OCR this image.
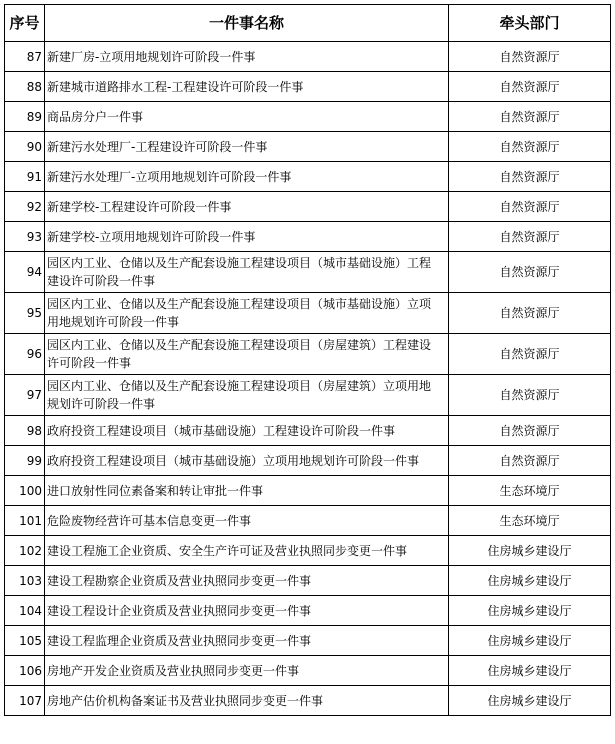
序号	一件事名称	牵头部门
87	新建厂房-立项用地规划许可阶段一件事	自然资源厅
88	新建城市道路排水工程-工程建设许可阶段一件事	自然资源厅
89	商品房分户一件事	自然资源厅
90	新建污水处理厂-工程建设许可阶段一件事	自然资源厅
91	新建污水处理厂-立项用地规划许可阶段一件事	自然资源厅
92	新建学校-工程建设许可阶段一件事	自然资源厅
93	新建学校-立项用地规划许可阶段一件事	自然资源厅
94	园区内工业、仓储以及生产配套设施工程建设项目（城市基础设施）工程建设许可阶段一件事	自然资源厅
95	园区内工业、仓储以及生产配套设施工程建设项目（城市基础设施）立项用地规划许可阶段一件事	自然资源厅
96	园区内工业、仓储以及生产配套设施工程建设项目（房屋建筑）工程建设许可阶段一件事	自然资源厅
97	园区内工业、仓储以及生产配套设施工程建设项目（房屋建筑）立项用地规划许可阶段一件事	自然资源厅
98	政府投资工程建设项目（城市基础设施）工程建设许可阶段一件事	自然资源厅
99	政府投资工程建设项目（城市基础设施）立项用地规划许可阶段一件事	自然资源厅
100	进口放射性同位素备案和转让审批一件事	生态环境厅
101	危险废物经营许可基本信息变更一件事	生态环境厅
102	建设工程施工企业资质、安全生产许可证及营业执照同步变更一件事	住房城乡建设厅
103	建设工程勘察企业资质及营业执照同步变更一件事	住房城乡建设厅
104	建设工程设计企业资质及营业执照同步变更一件事	住房城乡建设厅
105	建设工程监理企业资质及营业执照同步变更一件事	住房城乡建设厅
106	房地产开发企业资质及营业执照同步变更一件事	住房城乡建设厅
107	房地产估价机构备案证书及营业执照同步变更一件事	住房城乡建设厅
